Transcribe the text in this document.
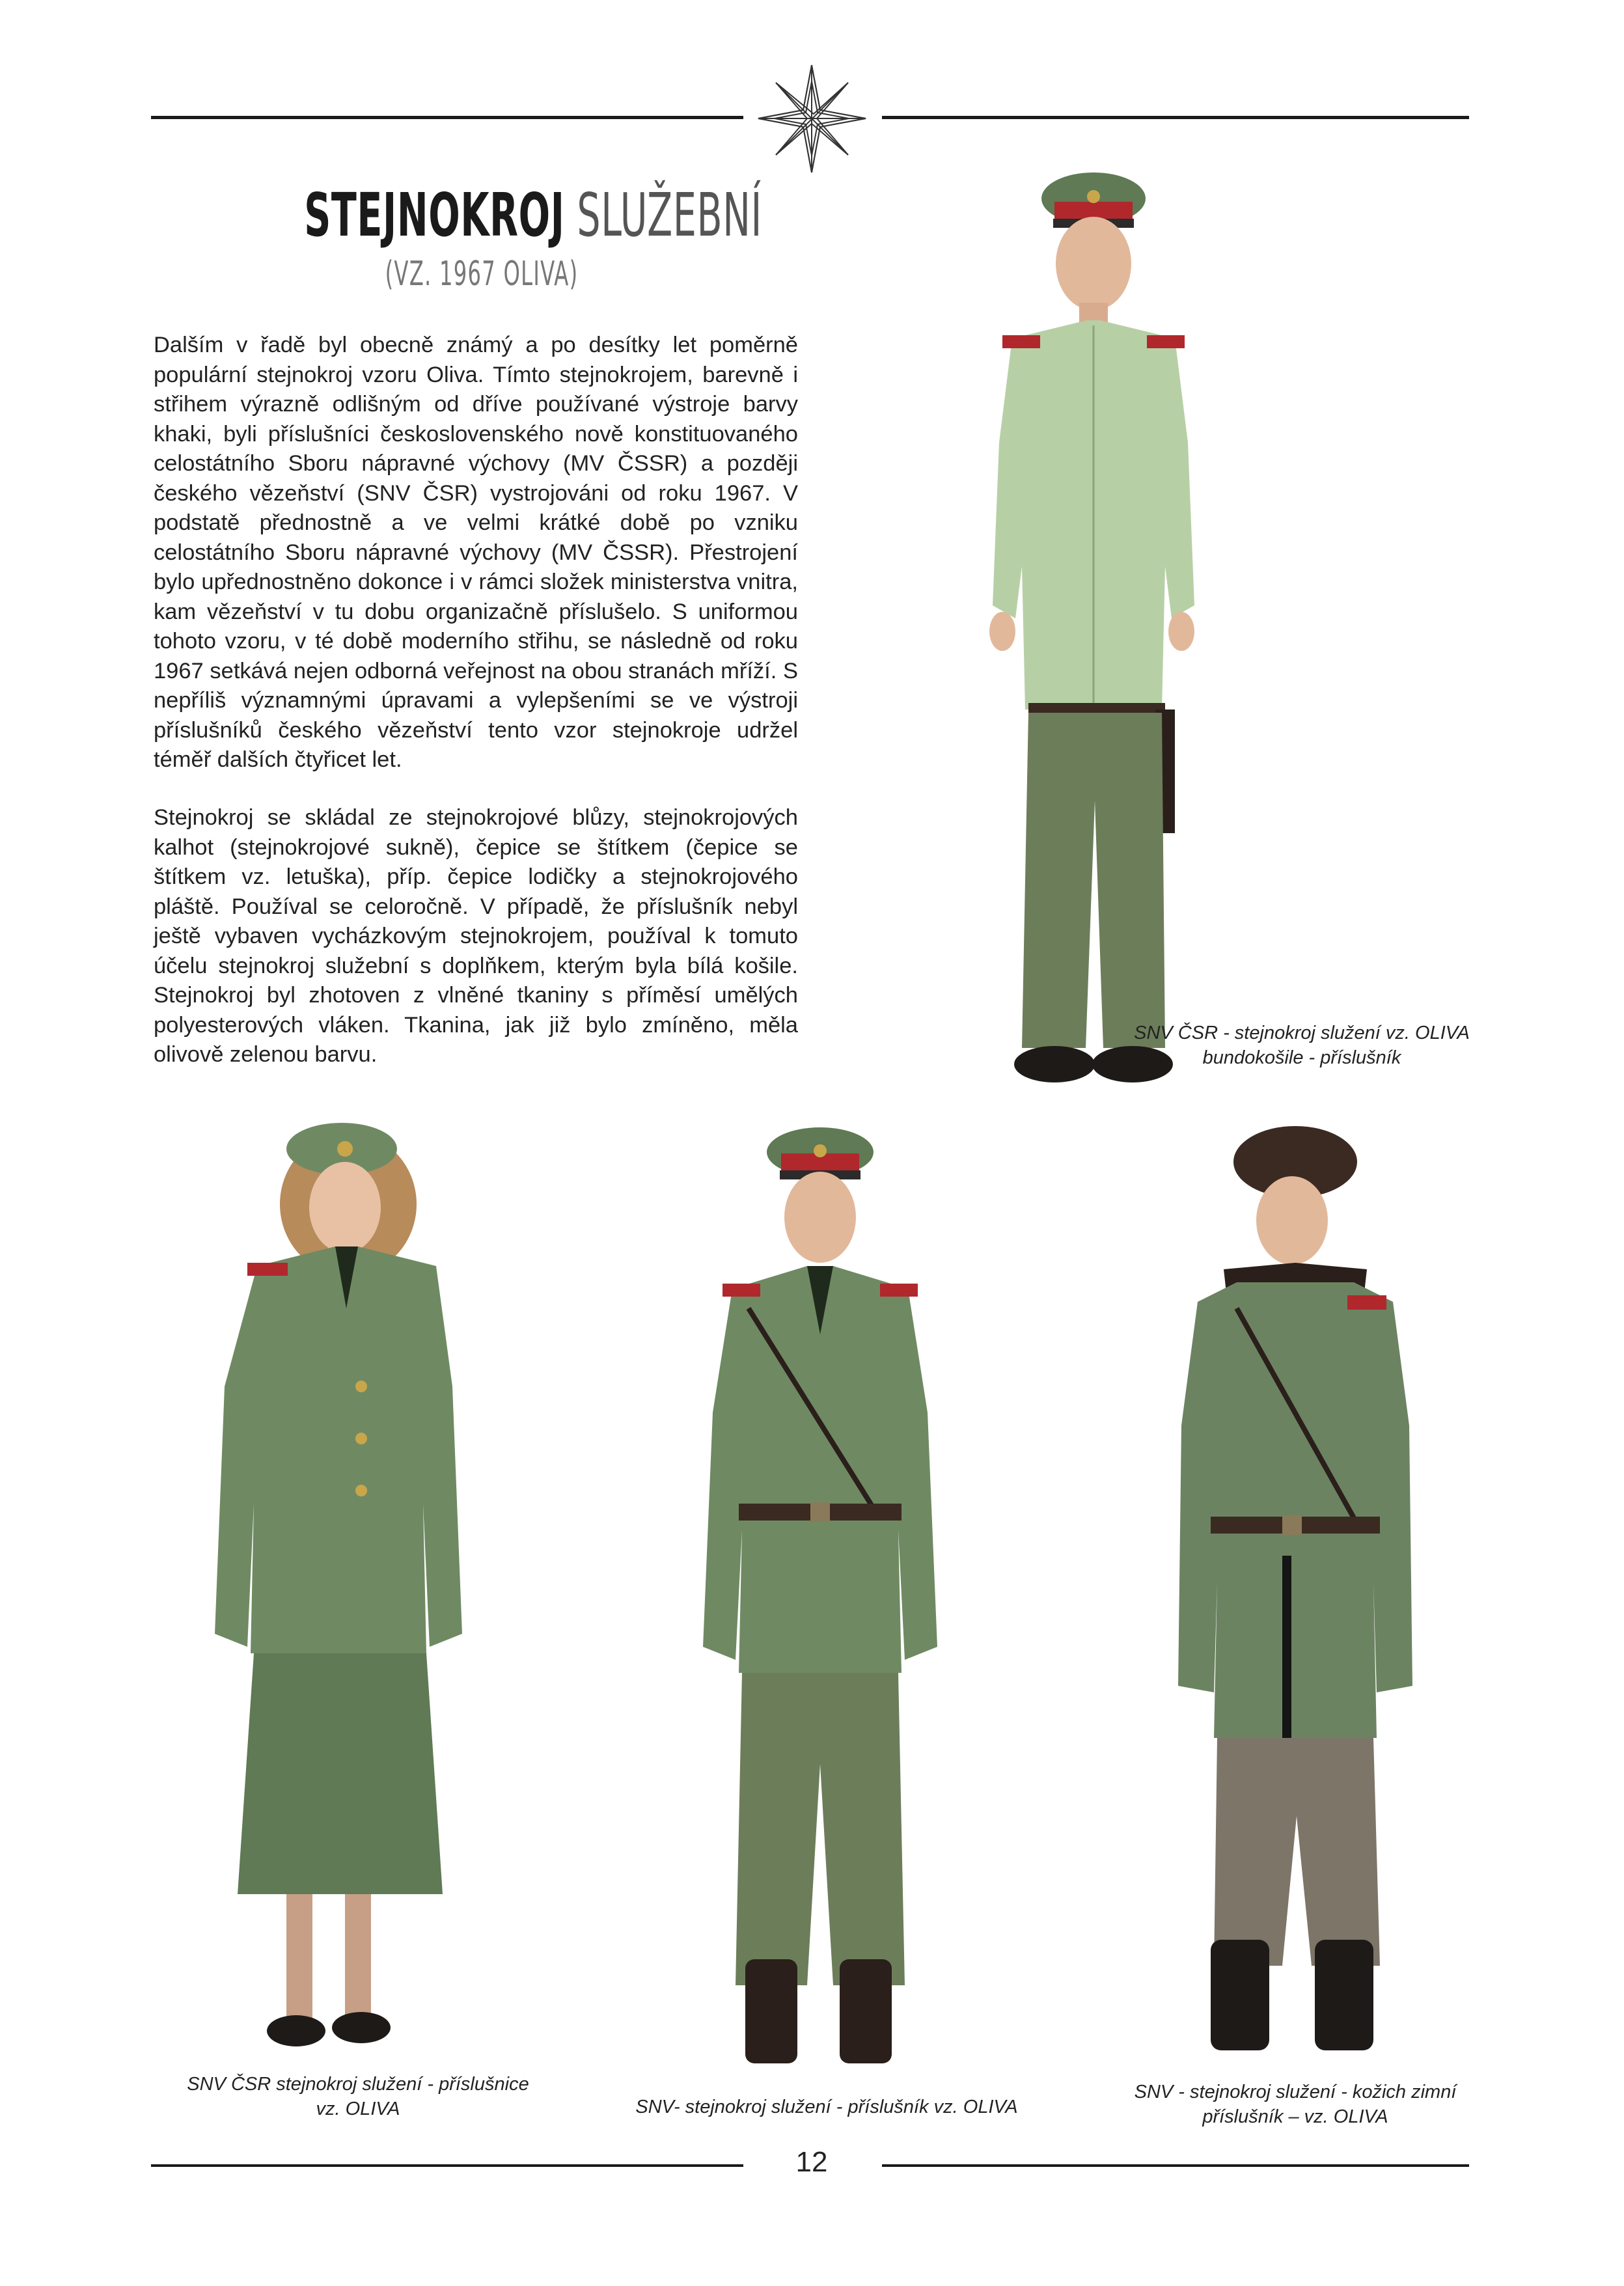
STEJNOKROJ SLUŽEBNÍ
(VZ. 1967 OLIVA)
Dalším v řadě byl obecně známý a po desítky let poměrně populární stejnokroj vzoru Oliva. Tímto stejnokrojem, barevně i střihem výrazně odlišným od dříve používané výstroje barvy khaki, byli příslušníci československého nově konstituovaného celostátního Sboru nápravné výchovy (MV ČSSR) a později českého vězeňství (SNV ČSR) vystrojováni od roku 1967. V podstatě přednostně a ve velmi krátké době po vzniku celostátního Sboru nápravné výchovy (MV ČSSR). Přestrojení bylo upřednostněno dokonce i v rámci složek ministerstva vnitra, kam vězeňství v tu dobu organizačně příslušelo. S uniformou tohoto vzoru, v té době moderního střihu, se následně od roku 1967 setkává nejen odborná veřejnost na obou stranách mříží. S nepříliš významnými úpravami a vylepšeními se ve výstroji příslušníků českého vězeňství tento vzor stejnokroje udržel téměř dalších čtyřicet let.
Stejnokroj se skládal ze stejnokrojové blůzy, stejnokrojových kalhot (stejnokrojové sukně), čepice se štítkem (čepice se štítkem vz. letuška), příp. čepice lodičky a stejnokrojového pláště. Používal se celoročně. V případě, že příslušník nebyl ještě vybaven vycházkovým stejnokrojem, používal k tomuto účelu stejnokroj služební s doplňkem, kterým byla bílá košile. Stejnokroj byl zhotoven z vlněné tkaniny s příměsí umělých polyesterových vláken. Tkanina, jak již bylo zmíněno, měla olivově zelenou barvu.
SNV ČSR - stejnokroj služení vz. OLIVA
bundokošile - příslušník
SNV ČSR stejnokroj služení - příslušnice
vz. OLIVA	SNV- stejnokroj služení - příslušník vz. OLIVA
SNV - stejnokroj služení - kožich zimní
příslušník – vz. OLIVA
12
